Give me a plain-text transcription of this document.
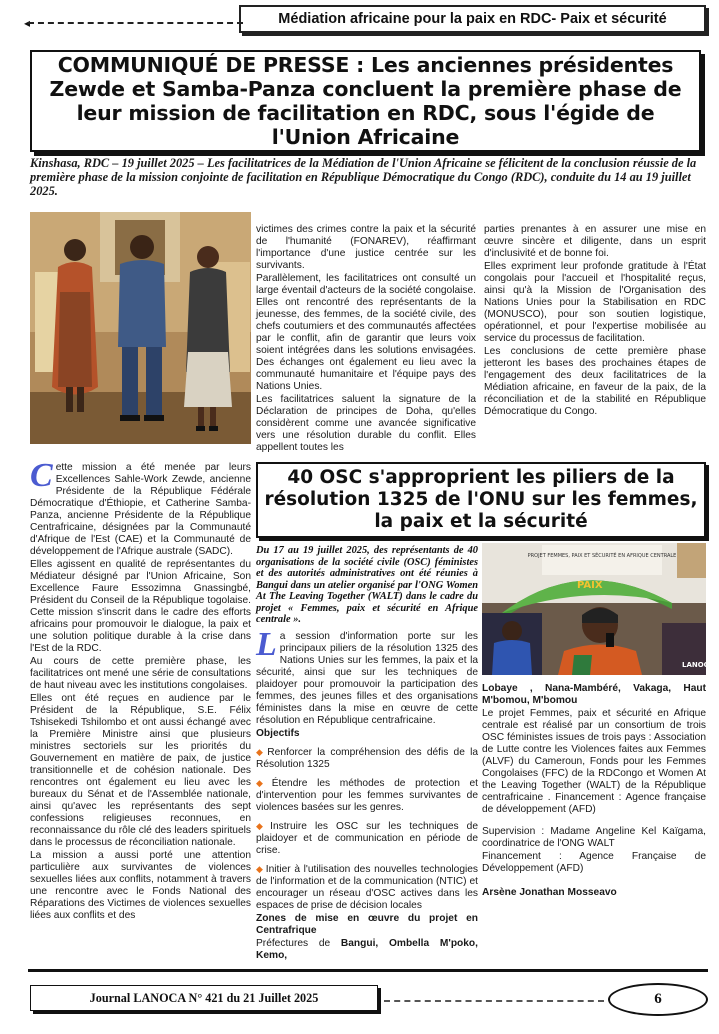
◂	Médiation africaine pour la paix en RDC- Paix et sécurité
COMMUNIQUÉ DE PRESSE : Les anciennes présidentes Zewde et Samba-Panza concluent la première phase de leur mission de facilitation en RDC, sous l'égide de l'Union Africaine
Kinshasa, RDC – 19 juillet 2025 – Les facilitatrices de la Médiation de l'Union Africaine se félicitent de la conclusion réussie de la première phase de la mission conjointe de facilitation en République Démocratique du Congo (RDC), conduite du 14 au 19 juillet 2025.

Cette mission a été menée par leurs Excellences Sahle-Work Zewde, ancienne Présidente de la République Fédérale Démocratique d'Éthiopie, et Catherine Samba-Panza, ancienne Présidente de la République Centrafricaine, désignées par la Communauté d'Afrique de l'Est (CAE) et la Communauté de développement de l'Afrique australe (SADC).

Elles agissent en qualité de représentantes du Médiateur désigné par l'Union Africaine, Son Excellence Faure Essozimna Gnassingbé, Président du Conseil de la République togolaise. Cette mission s'inscrit dans le cadre des efforts africains pour promouvoir le dialogue, la paix et une solution politique durable à la crise dans l'Est de la RDC.

Au cours de cette première phase, les facilitatrices ont mené une série de consultations de haut niveau avec les institutions congolaises.

Elles ont été reçues en audience par le Président de la République, S.E. Félix Tshisekedi Tshilombo et ont aussi échangé avec la Première Ministre ainsi que plusieurs ministres sectoriels sur les priorités du Gouvernement en matière de paix, de justice transitionnelle et de cohésion nationale. Des rencontres ont également eu lieu avec les bureaux du Sénat et de l'Assemblée nationale, ainsi qu'avec les représentants des sept confessions religieuses reconnues, en reconnaissance du rôle clé des leaders spirituels dans le processus de réconciliation nationale.

La mission a aussi porté une attention particulière aux survivantes de violences sexuelles liées aux conflits, notamment à travers une rencontre avec le Fonds National des Réparations des Victimes de violences sexuelles liées aux conflits et des

victimes des crimes contre la paix et la sécurité de l'humanité (FONAREV), réaffirmant l'importance d'une justice centrée sur les survivants.

Parallèlement, les facilitatrices ont consulté un large éventail d'acteurs de la société congolaise. Elles ont rencontré des représentants de la jeunesse, des femmes, de la société civile, des chefs coutumiers et des communautés affectées par le conflit, afin de garantir que leurs voix soient intégrées dans les solutions envisagées. Des échanges ont également eu lieu avec la communauté humanitaire et l'équipe pays des Nations Unies.

Les facilitatrices saluent la signature de la Déclaration de principes de Doha, qu'elles considèrent comme une avancée significative vers une résolution durable du conflit. Elles appellent toutes les

parties prenantes à en assurer une mise en œuvre sincère et diligente, dans un esprit d'inclusivité et de bonne foi.

Elles expriment leur profonde gratitude à l'État congolais pour l'accueil et l'hospitalité reçus, ainsi qu'à la Mission de l'Organisation des Nations Unies pour la Stabilisation en RDC (MONUSCO), pour son soutien logistique, opérationnel, et pour l'expertise mobilisée au service du processus de facilitation.

Les conclusions de cette première phase jetteront les bases des prochaines étapes de l'engagement des deux facilitatrices de la Médiation africaine, en faveur de la paix, de la réconciliation et de la stabilité en République Démocratique du Congo.

40 OSC s'approprient les piliers de la résolution 1325 de l'ONU sur les femmes, la paix et la sécurité
Du 17 au 19 juillet 2025, des représentants de 40 organisations de la société civile (OSC) féministes et des autorités administratives ont été réunies à Bangui dans un atelier organisé par l'ONG Women At The Leaving Together (WALT) dans le cadre du projet « Femmes, paix et sécurité en Afrique centrale ».
PROJET FEMMES, PAIX ET SÉCURITÉ EN AFRIQUE CENTRALE
PAIX
LANOCA

La session d'information porte sur les principaux piliers de la résolution 1325 des Nations Unies sur les femmes, la paix et la sécurité, ainsi que sur les techniques de plaidoyer pour promouvoir la participation des femmes, des jeunes filles et des organisations féministes dans la mise en œuvre de cette résolution en République centrafricaine.

Objectifs

◆ Renforcer la compréhension des défis de la Résolution 1325

◆ Étendre les méthodes de protection et d'intervention pour les femmes survivantes de violences basées sur les genres.

◆ Instruire les OSC sur les techniques de plaidoyer et de communication en période de crise.

◆ Initier à l'utilisation des nouvelles technologies de l'information et de la communication (NTIC) et encourager un réseau d'OSC actives dans les espaces de prise de décision locales

Zones de mise en œuvre du projet en Centrafrique

Préfectures de Bangui, Ombella M'poko, Kemo,

Lobaye , Nana-Mambéré, Vakaga, Haut M'bomou, M'bomou

Le projet Femmes, paix et sécurité en Afrique centrale est réalisé par un consortium de trois OSC féministes issues de trois pays : Association de Lutte contre les Violences faites aux Femmes (ALVF) du Cameroun, Fonds pour les Femmes Congolaises (FFC) de la RDCongo et Women At the Leaving Together (WALT) de la République centrafricaine . Financement : Agence française de développement (AFD)

Supervision : Madame Angeline Kel Kaïgama, coordinatrice de l'ONG WALT

Financement : Agence Française de Développement (AFD)

Arsène Jonathan Mosseavo

Journal LANOCA N° 421 du 21 Juillet 2025	6
